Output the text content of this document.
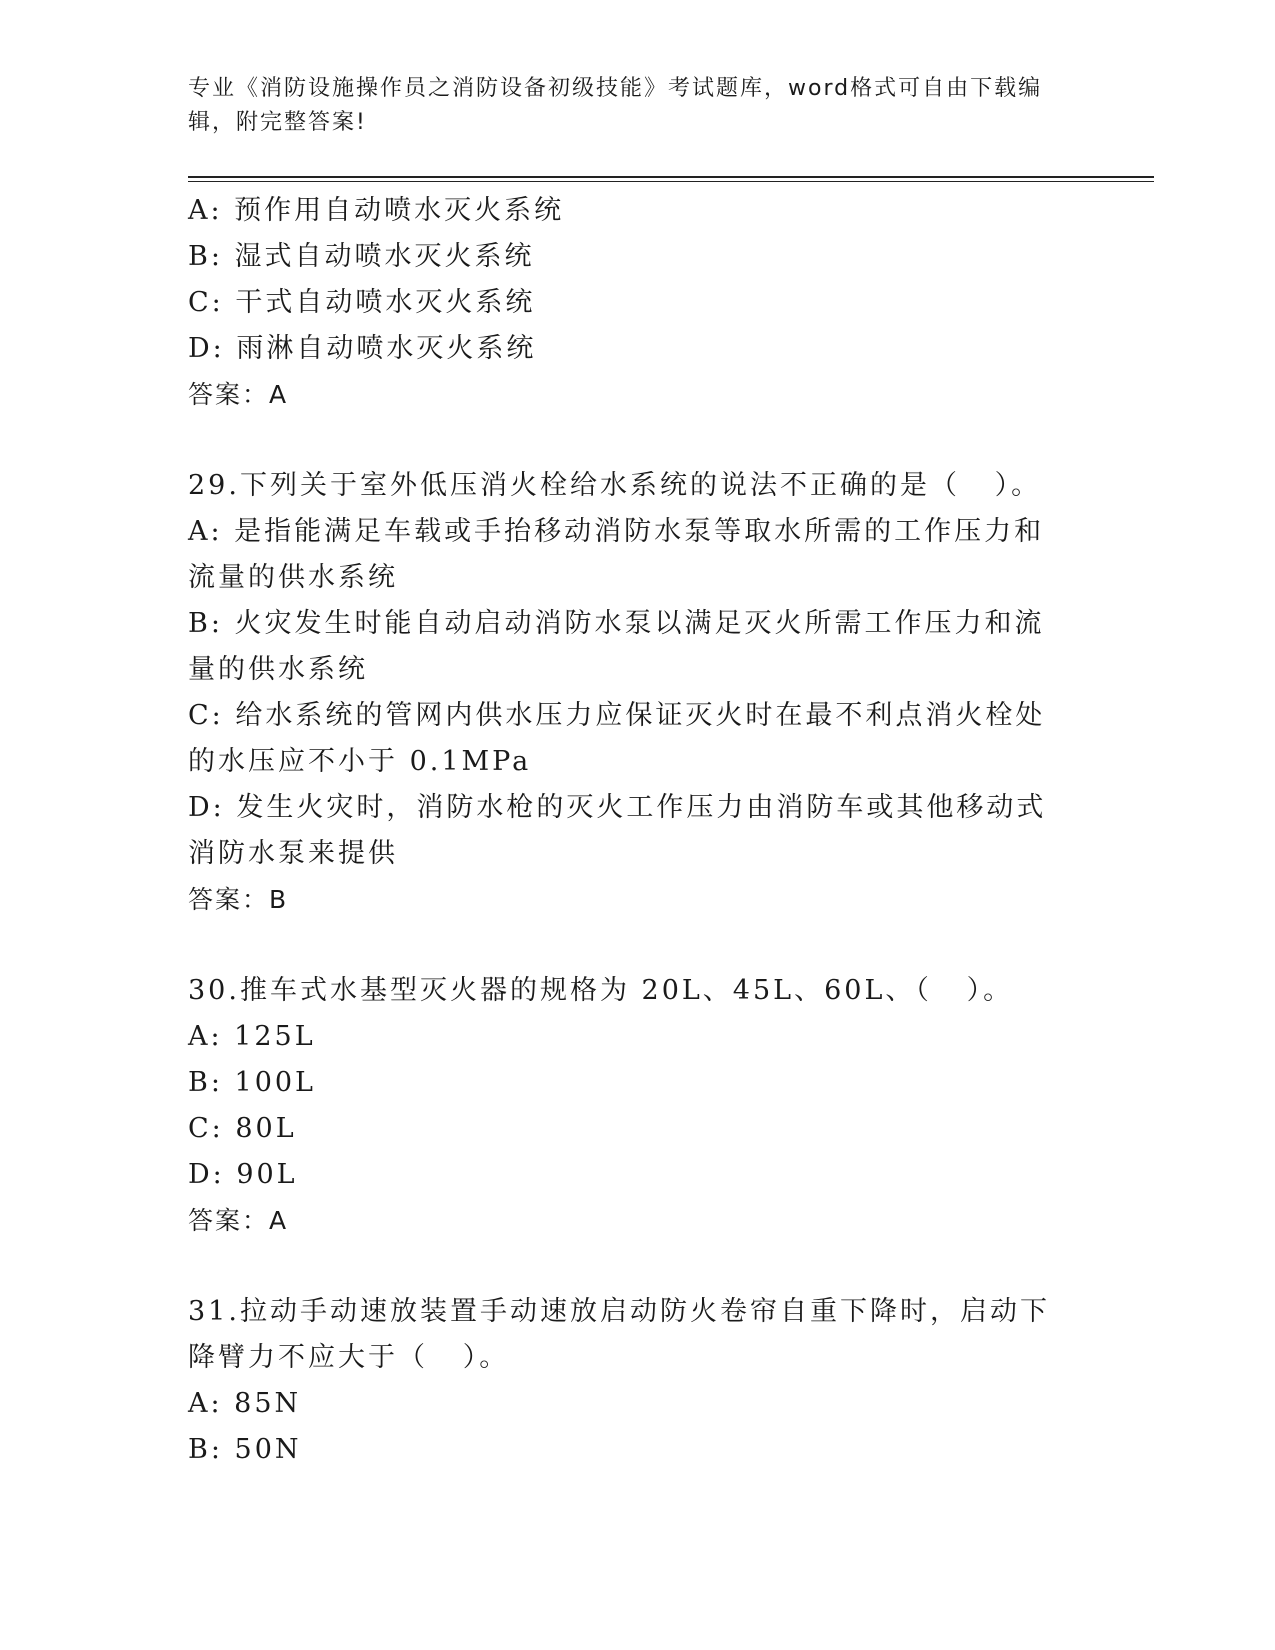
专业《消防设施操作员之消防设备初级技能》考试题库，word格式可自由下载编辑，附完整答案!

A: 预作用自动喷水灭火系统

B: 湿式自动喷水灭火系统

C: 干式自动喷水灭火系统

D: 雨淋自动喷水灭火系统

答案：A

29.下列关于室外低压消火栓给水系统的说法不正确的是（   ）。

A: 是指能满足车载或手抬移动消防水泵等取水所需的工作压力和流量的供水系统

B: 火灾发生时能自动启动消防水泵以满足灭火所需工作压力和流量的供水系统

C: 给水系统的管网内供水压力应保证灭火时在最不利点消火栓处的水压应不小于 0.1MPa

D: 发生火灾时，消防水枪的灭火工作压力由消防车或其他移动式消防水泵来提供

答案：B

30.推车式水基型灭火器的规格为 20L、45L、60L、（   ）。

A: 125L

B: 100L

C: 80L

D: 90L

答案：A

31.拉动手动速放装置手动速放启动防火卷帘自重下降时，启动下降臂力不应大于（   ）。

A: 85N

B: 50N
